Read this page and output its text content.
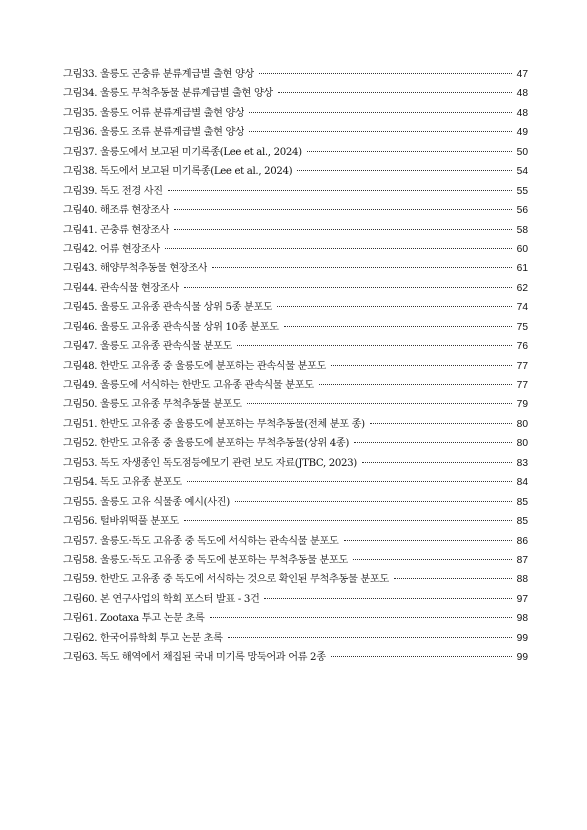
그림33. 울릉도 곤충류 분류계급별 출현 양상	47
그림34. 울릉도 무척추동물 분류계급별 출현 양상	48
그림35. 울릉도 어류 분류계급별 출현 양상	48
그림36. 울릉도 조류 분류계급별 출현 양상	49
그림37. 울릉도에서 보고된 미기록종(Lee et al., 2024)	50
그림38. 독도에서 보고된 미기록종(Lee et al., 2024)	54
그림39. 독도 전경 사진	55
그림40. 해조류 현장조사	56
그림41. 곤충류 현장조사	58
그림42. 어류 현장조사	60
그림43. 해양무척추동물 현장조사	61
그림44. 관속식물 현장조사	62
그림45. 울릉도 고유종 관속식물 상위 5종 분포도	74
그림46. 울릉도 고유종 관속식물 상위 10종 분포도	75
그림47. 울릉도 고유종 관속식물 분포도	76
그림48. 한반도 고유종 중 울릉도에 분포하는 관속식물 분포도	77
그림49. 울릉도에 서식하는 한반도 고유종 관속식물 분포도	77
그림50. 울릉도 고유종 무척추동물 분포도	79
그림51. 한반도 고유종 중 울릉도에 분포하는 무척추동물(전체 분포 종)	80
그림52. 한반도 고유종 중 울릉도에 분포하는 무척추동물(상위 4종)	80
그림53. 독도 자생종인 독도점등에모기 관련 보도 자료(JTBC, 2023)	83
그림54. 독도 고유종 분포도	84
그림55. 울릉도 고유 식물종 예시(사진)	85
그림56. 털바위떡풀 분포도	85
그림57. 울릉도·독도 고유종 중 독도에 서식하는 관속식물 분포도	86
그림58. 울릉도·독도 고유종 중 독도에 분포하는 무척추동물 분포도	87
그림59. 한반도 고유종 중 독도에 서식하는 것으로 확인된 무척추동물 분포도	88
그림60. 본 연구사업의 학회 포스터 발표 - 3건	97
그림61. Zootaxa 투고 논문 초록	98
그림62. 한국어류학회 투고 논문 초록	99
그림63. 독도 해역에서 채집된 국내 미기록 망둑어과 어류 2종	99
